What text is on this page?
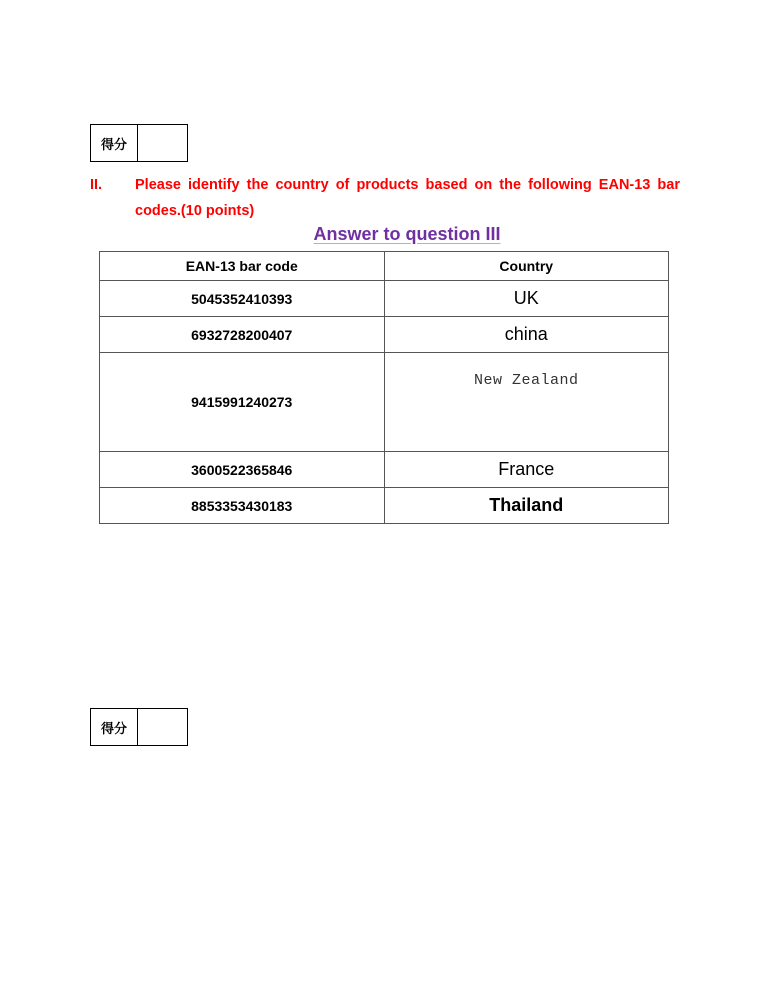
得分
II. Please identify the country of products based on the following EAN-13 bar codes.(10 points)
Answer to question III
EAN-13 bar code	Country
5045352410393	UK
6932728200407	china
9415991240273	New Zealand
3600522365846	France
8853353430183	Thailand
得分
